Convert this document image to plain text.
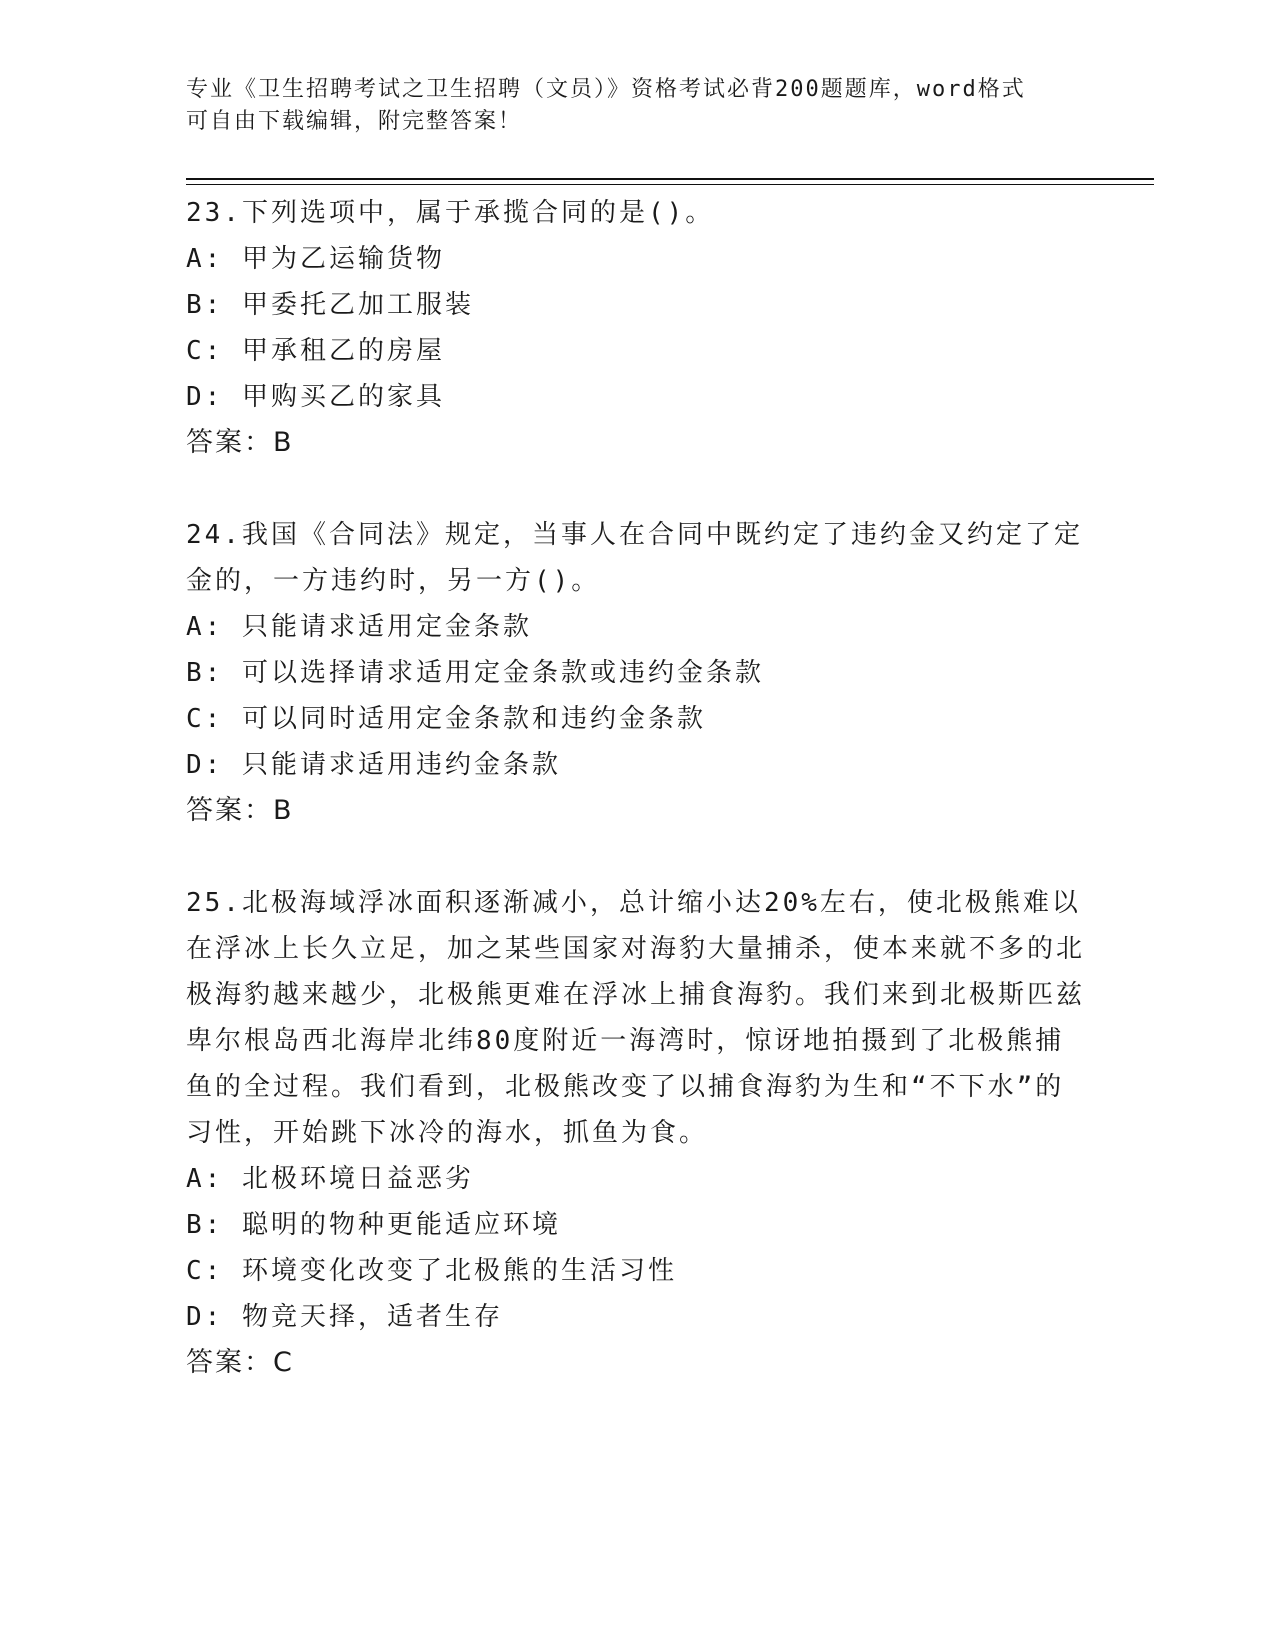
专业《卫生招聘考试之卫生招聘（文员）》资格考试必背200题题库，word格式
可自由下载编辑，附完整答案！
23.下列选项中，属于承揽合同的是()。
A: 甲为乙运输货物
B: 甲委托乙加工服装
C: 甲承租乙的房屋
D: 甲购买乙的家具
答案：B
24.我国《合同法》规定，当事人在合同中既约定了违约金又约定了定金的，一方违约时，另一方()。
A: 只能请求适用定金条款
B: 可以选择请求适用定金条款或违约金条款
C: 可以同时适用定金条款和违约金条款
D: 只能请求适用违约金条款
答案：B
25.北极海域浮冰面积逐渐减小，总计缩小达20%左右，使北极熊难以在浮冰上长久立足，加之某些国家对海豹大量捕杀，使本来就不多的北极海豹越来越少，北极熊更难在浮冰上捕食海豹。我们来到北极斯匹兹卑尔根岛西北海岸北纬80度附近一海湾时，惊讶地拍摄到了北极熊捕鱼的全过程。我们看到，北极熊改变了以捕食海豹为生和“不下水”的习性，开始跳下冰冷的海水，抓鱼为食。
A: 北极环境日益恶劣
B: 聪明的物种更能适应环境
C: 环境变化改变了北极熊的生活习性
D: 物竞天择，适者生存
答案：C
